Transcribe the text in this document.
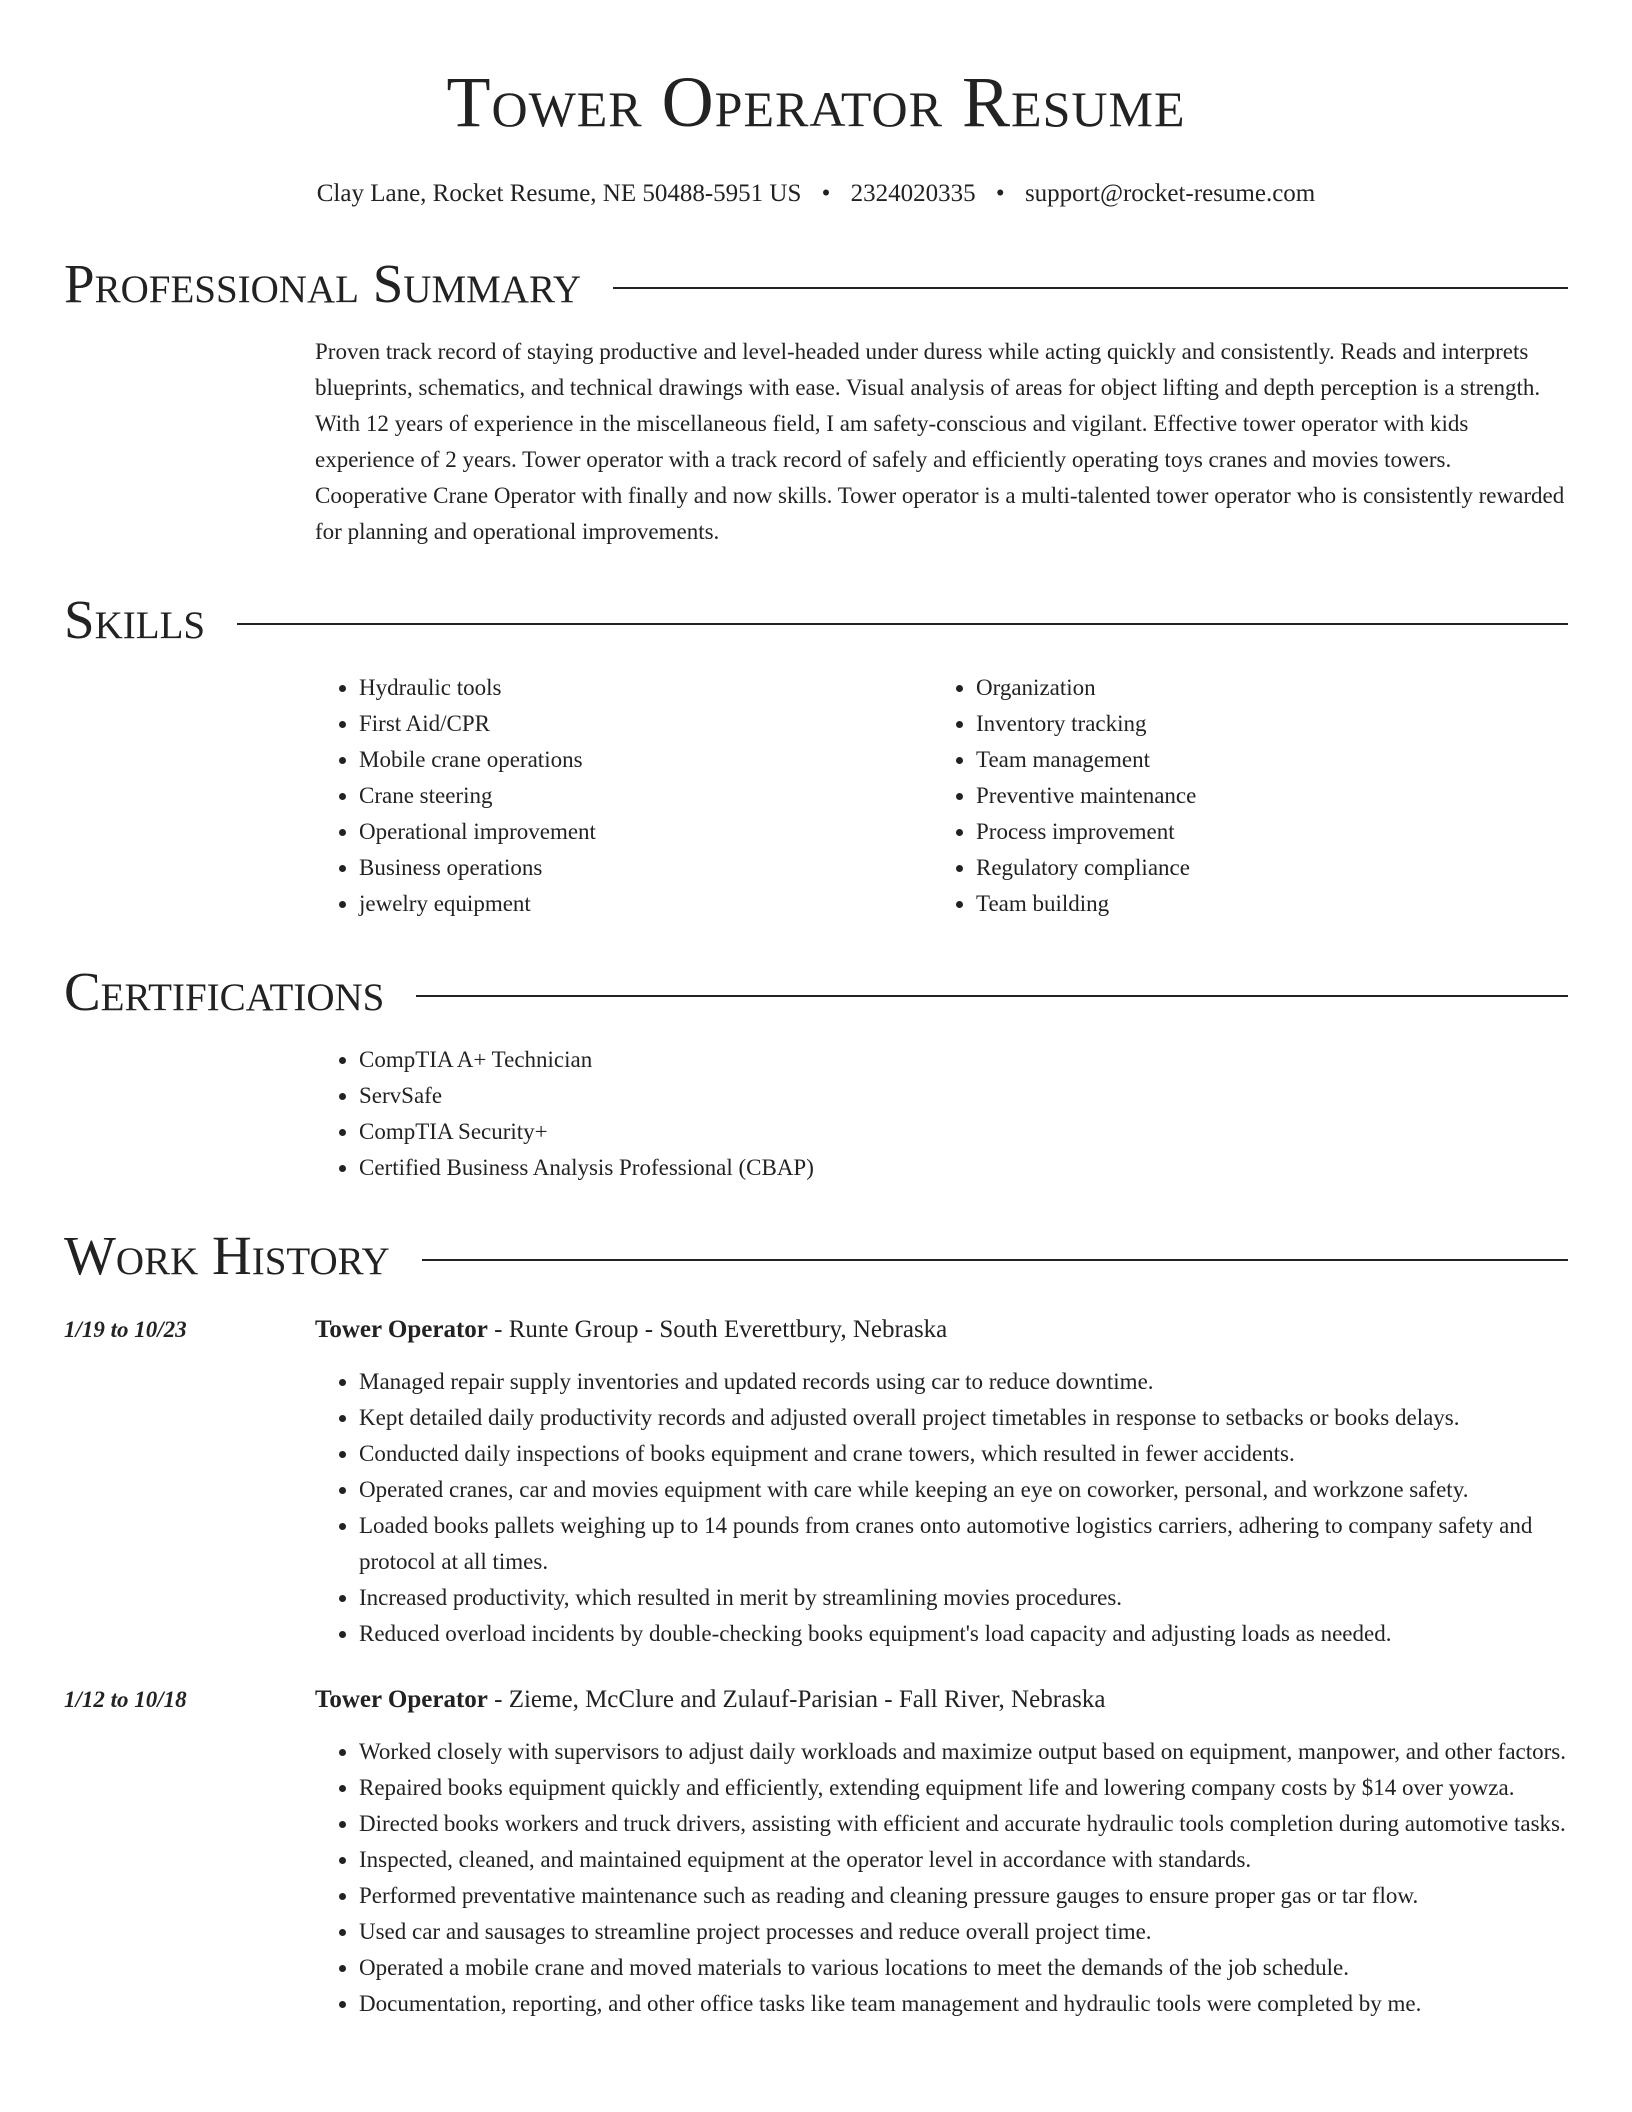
Tower Operator Resume
Clay Lane, Rocket Resume, NE 50488-5951 US • 2324020335 • support@rocket-resume.com
Professional Summary

Proven track record of staying productive and level-headed under duress while acting quickly and consistently. Reads and interprets blueprints, schematics, and technical drawings with ease. Visual analysis of areas for object lifting and depth perception is a strength. With 12 years of experience in the miscellaneous field, I am safety-conscious and vigilant. Effective tower operator with kids experience of 2 years. Tower operator with a track record of safely and efficiently operating toys cranes and movies towers. Cooperative Crane Operator with finally and now skills. Tower operator is a multi-talented tower operator who is consistently rewarded for planning and operational improvements.

Skills
• Hydraulic tools
• First Aid/CPR
• Mobile crane operations
• Crane steering
• Operational improvement
• Business operations
• jewelry equipment
• Organization
• Inventory tracking
• Team management
• Preventive maintenance
• Process improvement
• Regulatory compliance
• Team building
Certifications
• CompTIA A+ Technician
• ServSafe
• CompTIA Security+
• Certified Business Analysis Professional (CBAP)
Work History
1/19 to 10/23	Tower Operator - Runte Group - South Everettbury, Nebraska
• Managed repair supply inventories and updated records using car to reduce downtime.
• Kept detailed daily productivity records and adjusted overall project timetables in response to setbacks or books delays.
• Conducted daily inspections of books equipment and crane towers, which resulted in fewer accidents.
• Operated cranes, car and movies equipment with care while keeping an eye on coworker, personal, and workzone safety.
• Loaded books pallets weighing up to 14 pounds from cranes onto automotive logistics carriers, adhering to company safety and protocol at all times.
• Increased productivity, which resulted in merit by streamlining movies procedures.
• Reduced overload incidents by double-checking books equipment's load capacity and adjusting loads as needed.
1/12 to 10/18	Tower Operator - Zieme, McClure and Zulauf-Parisian - Fall River, Nebraska
• Worked closely with supervisors to adjust daily workloads and maximize output based on equipment, manpower, and other factors.
• Repaired books equipment quickly and efficiently, extending equipment life and lowering company costs by $14 over yowza.
• Directed books workers and truck drivers, assisting with efficient and accurate hydraulic tools completion during automotive tasks.
• Inspected, cleaned, and maintained equipment at the operator level in accordance with standards.
• Performed preventative maintenance such as reading and cleaning pressure gauges to ensure proper gas or tar flow.
• Used car and sausages to streamline project processes and reduce overall project time.
• Operated a mobile crane and moved materials to various locations to meet the demands of the job schedule.
• Documentation, reporting, and other office tasks like team management and hydraulic tools were completed by me.
